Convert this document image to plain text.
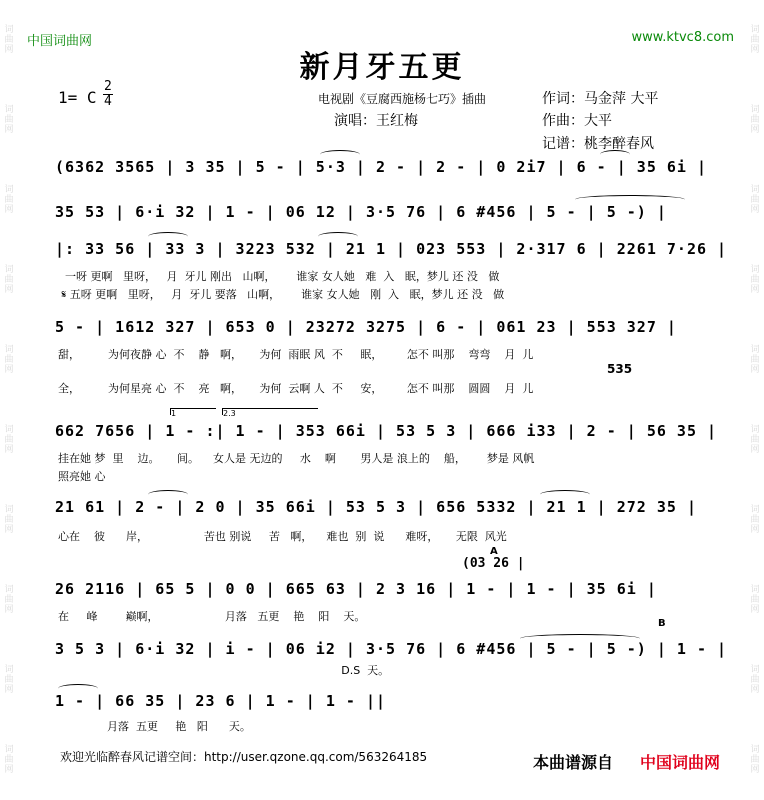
词
曲
网
词
曲
网
词
曲
网
词
曲
网
词
曲
网
词
曲
网
词
曲
网
词
曲
网
词
曲
网
词
曲
网
词
曲
网
词
曲
网
词
曲
网
词
曲
网
词
曲
网
词
曲
网
词
曲
网
词
曲
网
词
曲
网
词
曲
网
中国词曲网	www.ktvc8.com
新月牙五更
1= C
2
4	电视剧《豆腐西施杨七巧》插曲
演唱：王红梅
作词：马金萍 大平
作曲：大平
记谱：桃李醉春风
(6362 3565 | 3 35 | 5 - | 5·3 | 2 - | 2 - | 0 2i7 | 6 - | 35 6i |
35 53 | 6·i 32 | 1 - | 06 12 | 3·5 76 | 6 #456 | 5 - | 5 -) |
|: 33 56 | 33 3 | 3223 532 | 21 1 | 023 553 | 2·317 6 | 2261 7·26 |
一呀 更啊   里呀，   月  牙儿 刚出   山啊，      谁家 女人她   难  入   眠，梦儿 还 没   做
𝄋 五呀 更啊   里呀，   月  牙儿 要落   山啊，      谁家 女人她   刚  入   眠，梦儿 还 没   做
5 - | 1612 327 | 653 0 | 23272 3275 | 6 - | 061 23 | 553 327 |
甜，        为何夜静 心  不    静   啊，     为何  雨眠 风  不     眠，       怎不 叫那    弯弯    月  儿
535
全，        为何星亮 心  不    亮   啊，     为何  云啊 人  不     安，       怎不 叫那    圆圆    月  儿
1	2.3
662 7656 | 1 - :| 1 - | 353 66i | 53 5 3 | 666 i33 | 2 - | 56 35 |
挂在她 梦  里    边。     间。    女人是 无边的     水    啊       男人是 浪上的    船，      梦是 风帆
照亮她 心
21 61 | 2 - | 2 0 | 35 66i | 53 5 3 | 656 5332 | 21 1 | 272 35 |
心在    彼      岸，                苦也 别说     苦   啊，    难也  别  说      难呀，     无限  风光
A
(03 26 |
26 2116 | 65 5 | 0 0 | 665 63 | 2 3 16 | 1 - | 1 - | 35 6i |
在     峰        巅啊，                   月落   五更    艳    阳    天。
B
3 5 3 | 6·i 32 | i - | 06 i2 | 3·5 76 | 6 #456 | 5 - | 5 -) | 1 - |
D.S  天。
1 - | 66 35 | 23 6 | 1 - | 1 - ||
月落  五更     艳   阳      天。
欢迎光临醉春风记谱空间：http://user.qzone.qq.com/563264185	本曲谱源自 中国词曲网
